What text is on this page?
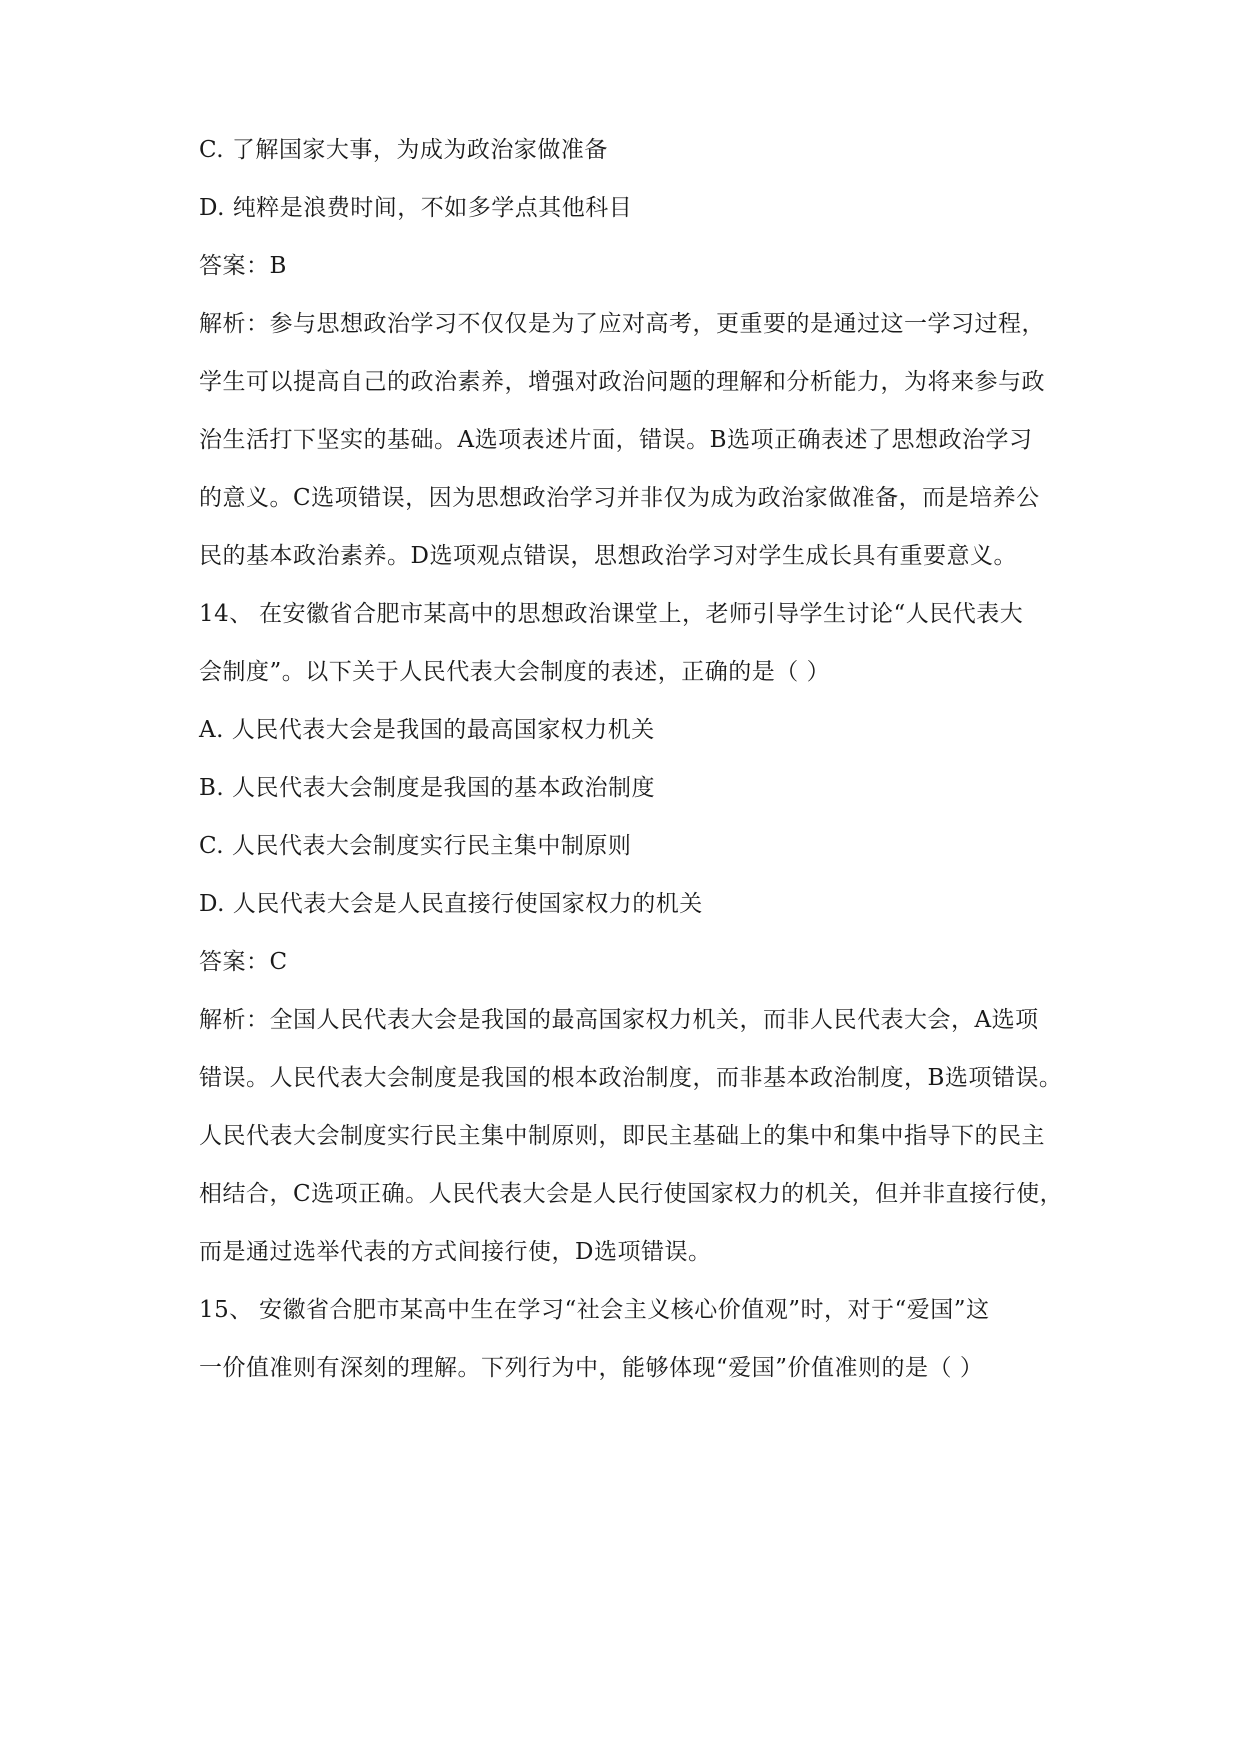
C. 了解国家大事，为成为政治家做准备
D. 纯粹是浪费时间，不如多学点其他科目
答案：B
解析：参与思想政治学习不仅仅是为了应对高考，更重要的是通过这一学习过程，
学生可以提高自己的政治素养，增强对政治问题的理解和分析能力，为将来参与政
治生活打下坚实的基础。A选项表述片面，错误。B选项正确表述了思想政治学习
的意义。C选项错误，因为思想政治学习并非仅为成为政治家做准备，而是培养公
民的基本政治素养。D选项观点错误，思想政治学习对学生成长具有重要意义。
14、 在安徽省合肥市某高中的思想政治课堂上，老师引导学生讨论“人民代表大
会制度”。以下关于人民代表大会制度的表述，正确的是（ ）
A. 人民代表大会是我国的最高国家权力机关
B. 人民代表大会制度是我国的基本政治制度
C. 人民代表大会制度实行民主集中制原则
D. 人民代表大会是人民直接行使国家权力的机关
答案：C
解析：全国人民代表大会是我国的最高国家权力机关，而非人民代表大会，A选项
错误。人民代表大会制度是我国的根本政治制度，而非基本政治制度，B选项错误。
人民代表大会制度实行民主集中制原则，即民主基础上的集中和集中指导下的民主
相结合，C选项正确。人民代表大会是人民行使国家权力的机关，但并非直接行使，
而是通过选举代表的方式间接行使，D选项错误。
15、 安徽省合肥市某高中生在学习“社会主义核心价值观”时，对于“爱国”这
一价值准则有深刻的理解。下列行为中，能够体现“爱国”价值准则的是（ ）
